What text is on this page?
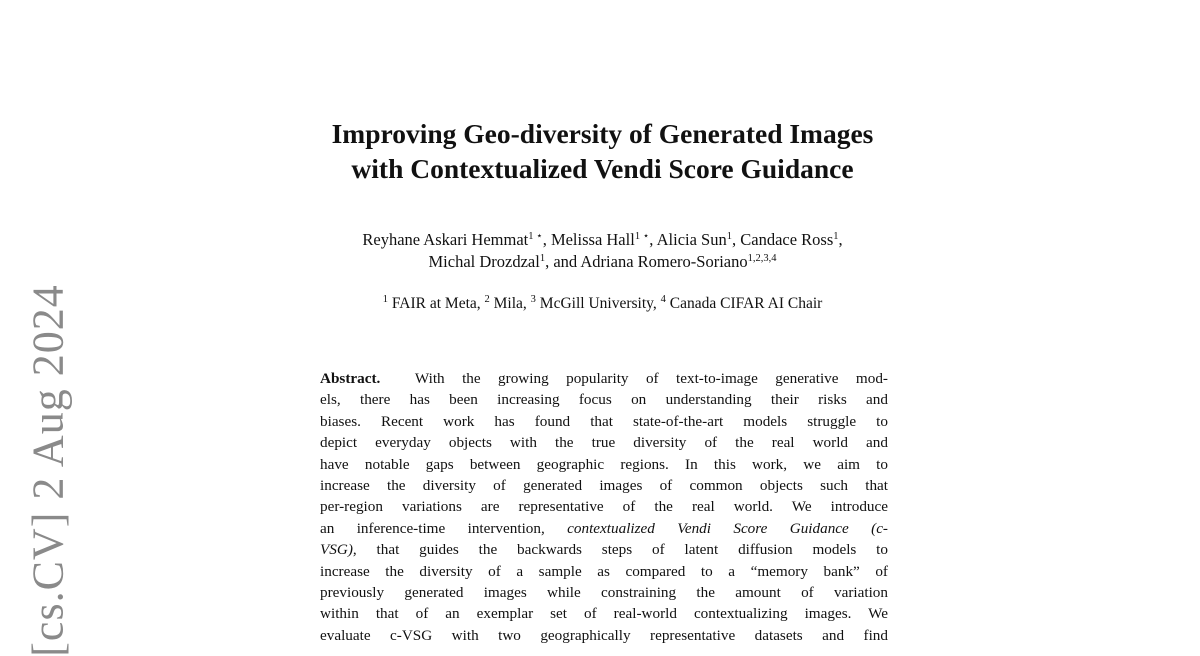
[cs.CV] 2 Aug 2024
Improving Geo-diversity of Generated Images
with Contextualized Vendi Score Guidance
Reyhane Askari Hemmat$^{1 ⋆}$, Melissa Hall$^{1 ⋆}$, Alicia Sun$^1$, Candace Ross$^1$,
Michal Drozdzal$^1$, and Adriana Romero-Soriano$^{1,2,3,4}$
$^1$ FAIR at Meta, $^2$ Mila, $^3$ McGill University, $^4$ Canada CIFAR AI Chair
Abstract. With the growing popularity of text-to-image generative mod-
els, there has been increasing focus on understanding their risks and
biases. Recent work has found that state-of-the-art models struggle to
depict everyday objects with the true diversity of the real world and
have notable gaps between geographic regions. In this work, we aim to
increase the diversity of generated images of common objects such that
per-region variations are representative of the real world. We introduce
an inference-time intervention, contextualized Vendi Score Guidance (c-
VSG), that guides the backwards steps of latent diffusion models to
increase the diversity of a sample as compared to a “memory bank” of
previously generated images while constraining the amount of variation
within that of an exemplar set of real-world contextualizing images. We
evaluate c-VSG with two geographically representative datasets and find
